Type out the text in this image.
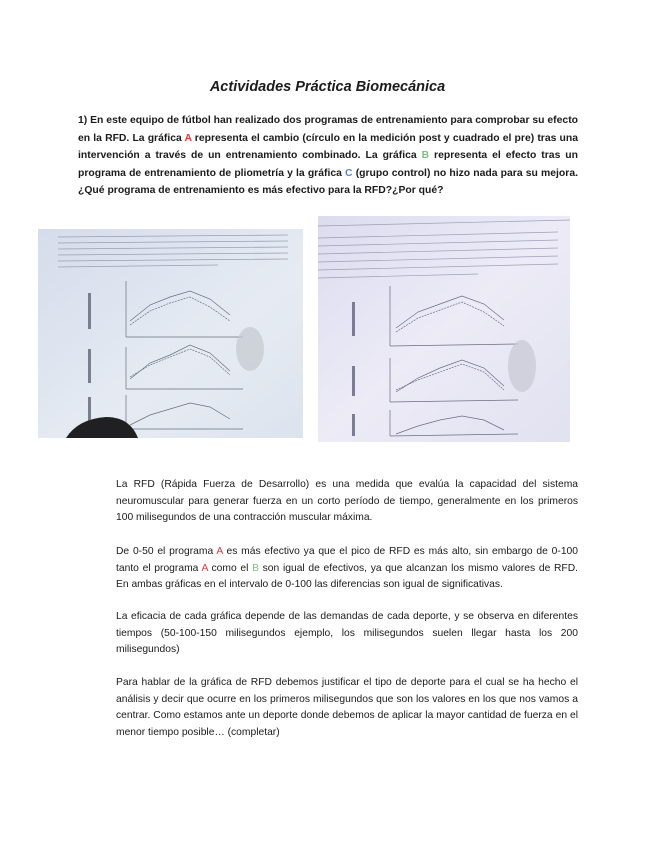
Actividades Práctica Biomecánica

1) En este equipo de fútbol han realizado dos programas de entrenamiento para comprobar su efecto en la RFD. La gráfica A representa el cambio (círculo en la medición post y cuadrado el pre) tras una intervención a través de un entrenamiento combinado. La gráfica B representa el efecto tras un programa de entrenamiento de pliometría y la gráfica C (grupo control) no hizo nada para su mejora. ¿Qué programa de entrenamiento es más efectivo para la RFD?¿Por qué?

La RFD (Rápida Fuerza de Desarrollo) es una medida que evalúa la capacidad del sistema neuromuscular para generar fuerza en un corto período de tiempo, generalmente en los primeros 100 milisegundos de una contracción muscular máxima.

De 0-50 el programa A es más efectivo ya que el pico de RFD es más alto, sin embargo de 0-100 tanto el programa A como el B son igual de efectivos, ya que alcanzan los mismo valores de RFD. En ambas gráficas en el intervalo de 0-100 las diferencias son igual de significativas.

La eficacia de cada gráfica depende de las demandas de cada deporte, y se observa en diferentes tiempos (50-100-150 milisegundos ejemplo, los milisegundos suelen llegar hasta los 200 milisegundos)

Para hablar de la gráfica de RFD debemos justificar el tipo de deporte para el cual se ha hecho el análisis y decir que ocurre en los primeros milisegundos que son los valores en los que nos vamos a centrar. Como estamos ante un deporte donde debemos de aplicar la mayor cantidad de fuerza en el menor tiempo posible… (completar)
